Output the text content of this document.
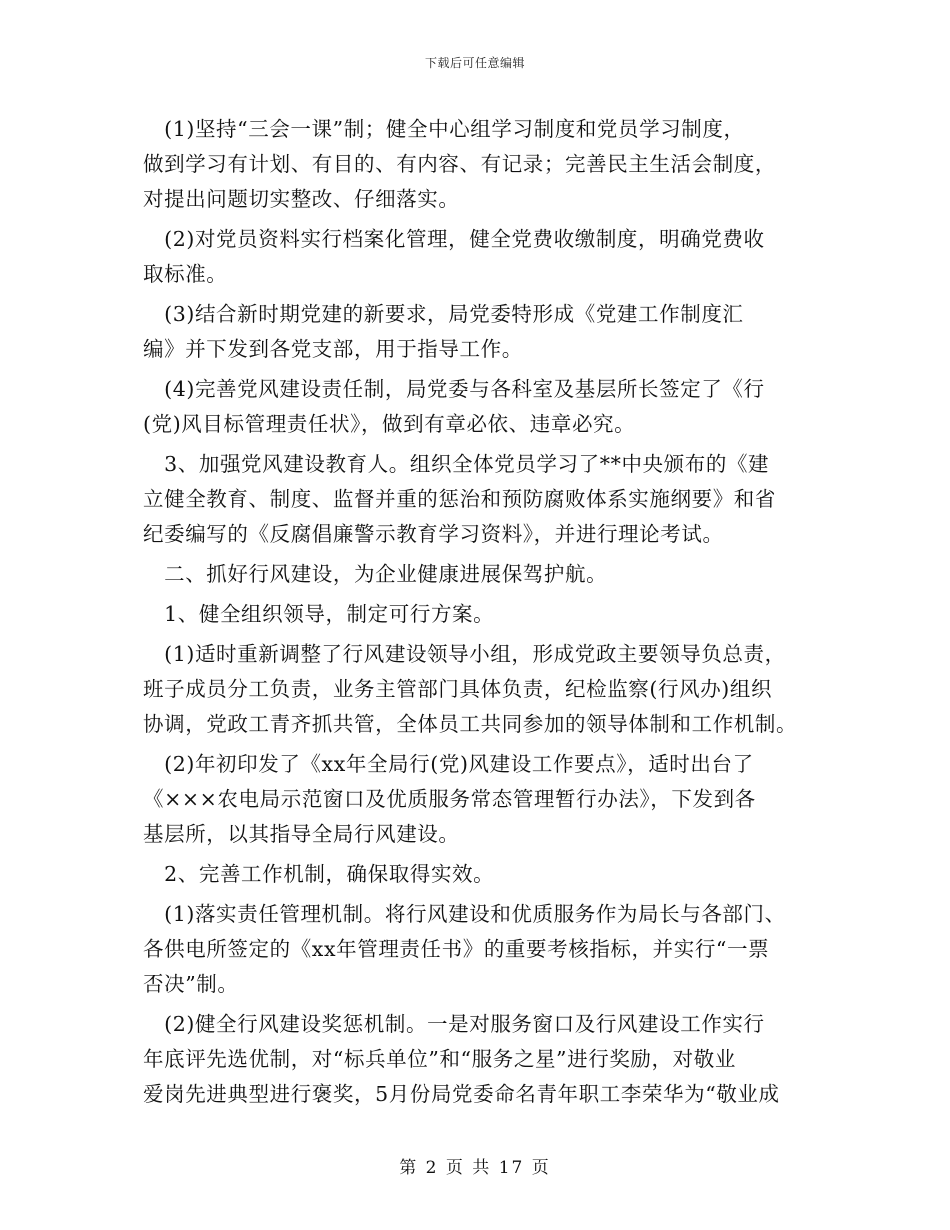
下载后可任意编辑
　(1)坚持“三会一课”制；健全中心组学习制度和党员学习制度，
做到学习有计划、有目的、有内容、有记录；完善民主生活会制度，
对提出问题切实整改、仔细落实。
　(2)对党员资料实行档案化管理，健全党费收缴制度，明确党费收
取标准。
　(3)结合新时期党建的新要求，局党委特形成《党建工作制度汇
编》并下发到各党支部，用于指导工作。
　(4)完善党风建设责任制，局党委与各科室及基层所长签定了《行
(党)风目标管理责任状》，做到有章必依、违章必究。
　3、加强党风建设教育人。组织全体党员学习了**中央颁布的《建
立健全教育、制度、监督并重的惩治和预防腐败体系实施纲要》和省
纪委编写的《反腐倡廉警示教育学习资料》，并进行理论考试。
　二、抓好行风建设，为企业健康进展保驾护航。
　1、健全组织领导，制定可行方案。
　(1)适时重新调整了行风建设领导小组，形成党政主要领导负总责，
班子成员分工负责，业务主管部门具体负责，纪检监察(行风办)组织
协调，党政工青齐抓共管，全体员工共同参加的领导体制和工作机制。
　(2)年初印发了《xx年全局行(党)风建设工作要点》，适时出台了
《×××农电局示范窗口及优质服务常态管理暂行办法》，下发到各
基层所，以其指导全局行风建设。
　2、完善工作机制，确保取得实效。
　(1)落实责任管理机制。将行风建设和优质服务作为局长与各部门、
各供电所签定的《xx年管理责任书》的重要考核指标，并实行“一票
否决”制。
　(2)健全行风建设奖惩机制。一是对服务窗口及行风建设工作实行
年底评先选优制，对“标兵单位”和“服务之星”进行奖励，对敬业
爱岗先进典型进行褒奖，5月份局党委命名青年职工李荣华为“敬业成
第 2 页 共 17 页
